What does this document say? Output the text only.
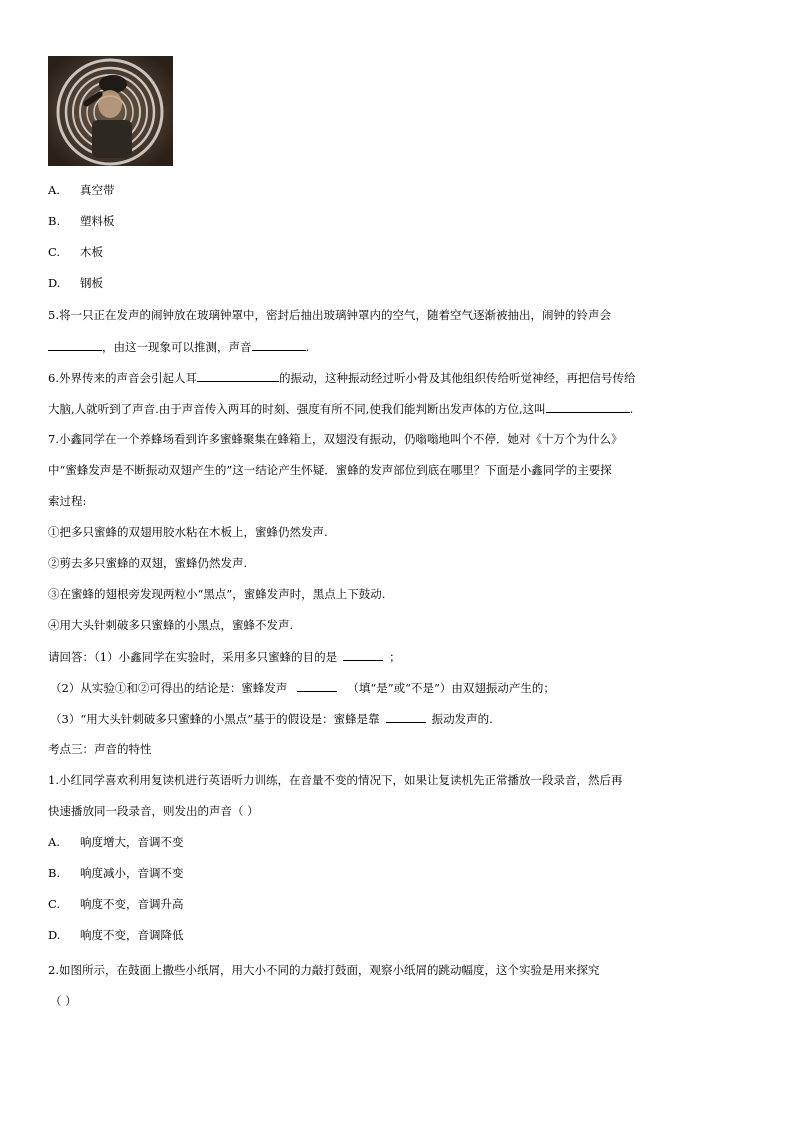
A. 真空带
B. 塑料板
C. 木板
D. 钢板
5.将一只正在发声的闹钟放在玻璃钟罩中，密封后抽出玻璃钟罩内的空气，随着空气逐渐被抽出，闹钟的铃声会
，由这一现象可以推测，声音	.
6.外界传来的声音会引起人耳	的振动，这种振动经过听小骨及其他组织传给听觉神经，再把信号传给
大脑,人就听到了声音.由于声音传入两耳的时刻、强度有所不同,使我们能判断出发声体的方位,这叫	.
7.小鑫同学在一个养蜂场看到许多蜜蜂聚集在蜂箱上，双翅没有振动，仍嗡嗡地叫个不停．她对《十万个为什么》
中“蜜蜂发声是不断振动双翅产生的”这一结论产生怀疑．蜜蜂的发声部位到底在哪里？下面是小鑫同学的主要探
索过程:
①把多只蜜蜂的双翅用胶水粘在木板上，蜜蜂仍然发声.
②剪去多只蜜蜂的双翅，蜜蜂仍然发声.
③在蜜蜂的翅根旁发现两粒小“黑点”，蜜蜂发声时，黑点上下鼓动.
④用大头针刺破多只蜜蜂的小黑点，蜜蜂不发声.
请回答：（1）小鑫同学在实验时，采用多只蜜蜂的目的是	；
（2）从实验①和②可得出的结论是：蜜蜂发声	（填“是”或“不是”）由双翅振动产生的；
（3）“用大头针刺破多只蜜蜂的小黑点”基于的假设是：蜜蜂是靠	振动发声的.
考点三：声音的特性
1.小红同学喜欢利用复读机进行英语听力训练，在音量不变的情况下，如果让复读机先正常播放一段录音，然后再
快速播放同一段录音，则发出的声音（ ）
A. 响度增大，音调不变
B. 响度减小，音调不变
C. 响度不变，音调升高
D. 响度不变，音调降低
2.如图所示，在鼓面上撒些小纸屑，用大小不同的力敲打鼓面，观察小纸屑的跳动幅度，这个实验是用来探究
（ ）
